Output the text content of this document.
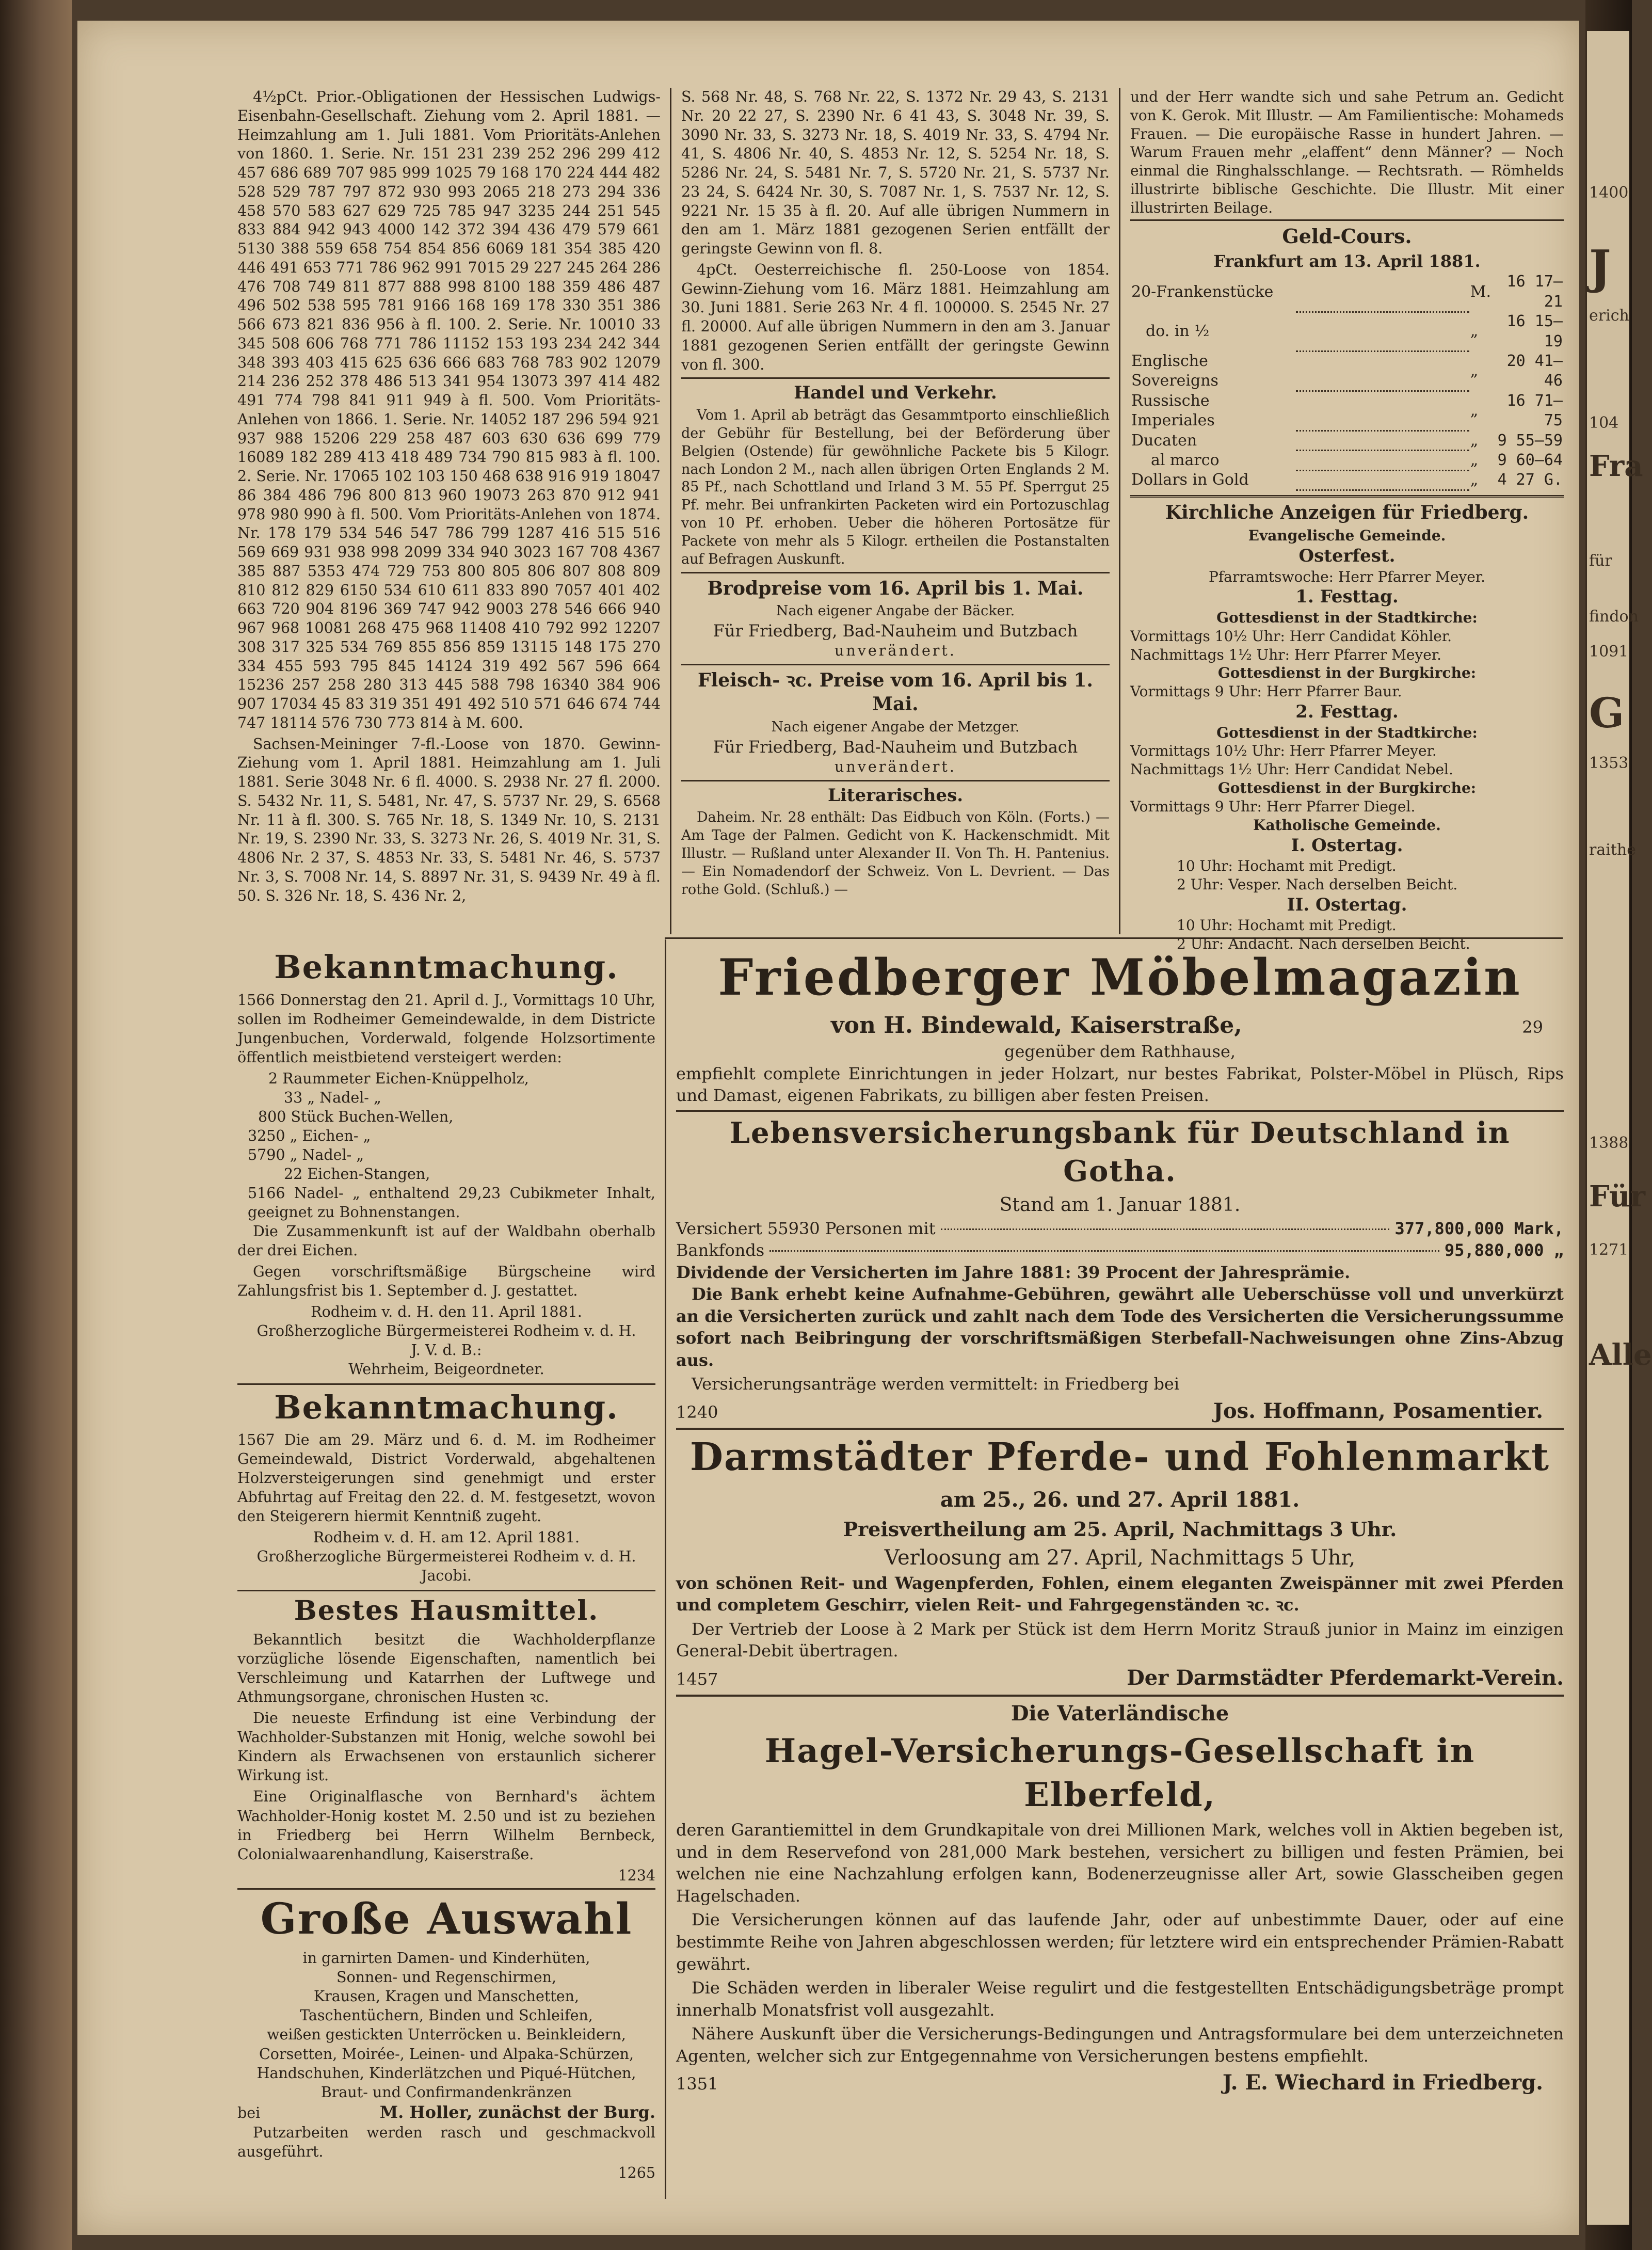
1400
J
erich
104
Fra
für
findon
1091
G
1353
raithe
1388
Für
1271
Alle

4½pCt. Prior.-Obligationen der Hessischen Ludwigs-Eisenbahn-Gesellschaft. Ziehung vom 2. April 1881. — Heimzahlung am 1. Juli 1881. Vom Prioritäts-Anlehen von 1860. 1. Serie. Nr. 151 231 239 252 296 299 412 457 686 689 707 985 999 1025 79 168 170 224 444 482 528 529 787 797 872 930 993 2065 218 273 294 336 458 570 583 627 629 725 785 947 3235 244 251 545 833 884 942 943 4000 142 372 394 436 479 579 661 5130 388 559 658 754 854 856 6069 181 354 385 420 446 491 653 771 786 962 991 7015 29 227 245 264 286 476 708 749 811 877 888 998 8100 188 359 486 487 496 502 538 595 781 9166 168 169 178 330 351 386 566 673 821 836 956 à fl. 100. 2. Serie. Nr. 10010 33 345 508 606 768 771 786 11152 153 193 234 242 344 348 393 403 415 625 636 666 683 768 783 902 12079 214 236 252 378 486 513 341 954 13073 397 414 482 491 774 798 841 911 949 à fl. 500. Vom Prioritäts-Anlehen von 1866. 1. Serie. Nr. 14052 187 296 594 921 937 988 15206 229 258 487 603 630 636 699 779 16089 182 289 413 418 489 734 790 815 983 à fl. 100. 2. Serie. Nr. 17065 102 103 150 468 638 916 919 18047 86 384 486 796 800 813 960 19073 263 870 912 941 978 980 990 à fl. 500. Vom Prioritäts-Anlehen von 1874. Nr. 178 179 534 546 547 786 799 1287 416 515 516 569 669 931 938 998 2099 334 940 3023 167 708 4367 385 887 5353 474 729 753 800 805 806 807 808 809 810 812 829 6150 534 610 611 833 890 7057 401 402 663 720 904 8196 369 747 942 9003 278 546 666 940 967 968 10081 268 475 968 11408 410 792 992 12207 308 317 325 534 769 855 856 859 13115 148 175 270 334 455 593 795 845 14124 319 492 567 596 664 15236 257 258 280 313 445 588 798 16340 384 906 907 17034 45 83 319 351 491 492 510 571 646 674 744 747 18114 576 730 773 814 à M. 600.

Sachsen-Meininger 7-fl.-Loose von 1870. Gewinn-Ziehung vom 1. April 1881. Heimzahlung am 1. Juli 1881. Serie 3048 Nr. 6 fl. 4000. S. 2938 Nr. 27 fl. 2000. S. 5432 Nr. 11, S. 5481, Nr. 47, S. 5737 Nr. 29, S. 6568 Nr. 11 à fl. 300. S. 765 Nr. 18, S. 1349 Nr. 10, S. 2131 Nr. 19, S. 2390 Nr. 33, S. 3273 Nr. 26, S. 4019 Nr. 31, S. 4806 Nr. 2 37, S. 4853 Nr. 33, S. 5481 Nr. 46, S. 5737 Nr. 3, S. 7008 Nr. 14, S. 8897 Nr. 31, S. 9439 Nr. 49 à fl. 50. S. 326 Nr. 18, S. 436 Nr. 2,

S. 568 Nr. 48, S. 768 Nr. 22, S. 1372 Nr. 29 43, S. 2131 Nr. 20 22 27, S. 2390 Nr. 6 41 43, S. 3048 Nr. 39, S. 3090 Nr. 33, S. 3273 Nr. 18, S. 4019 Nr. 33, S. 4794 Nr. 41, S. 4806 Nr. 40, S. 4853 Nr. 12, S. 5254 Nr. 18, S. 5286 Nr. 24, S. 5481 Nr. 7, S. 5720 Nr. 21, S. 5737 Nr. 23 24, S. 6424 Nr. 30, S. 7087 Nr. 1, S. 7537 Nr. 12, S. 9221 Nr. 15 35 à fl. 20. Auf alle übrigen Nummern in den am 1. März 1881 gezogenen Serien entfällt der geringste Gewinn von fl. 8.

4pCt. Oesterreichische fl. 250-Loose von 1854. Gewinn-Ziehung vom 16. März 1881. Heimzahlung am 30. Juni 1881. Serie 263 Nr. 4 fl. 100000. S. 2545 Nr. 27 fl. 20000. Auf alle übrigen Nummern in den am 3. Januar 1881 gezogenen Serien entfällt der geringste Gewinn von fl. 300.

Handel und Verkehr.

Vom 1. April ab beträgt das Gesammtporto einschließlich der Gebühr für Bestellung, bei der Beförderung über Belgien (Ostende) für gewöhnliche Packete bis 5 Kilogr. nach London 2 M., nach allen übrigen Orten Englands 2 M. 85 Pf., nach Schottland und Irland 3 M. 55 Pf. Sperrgut 25 Pf. mehr. Bei unfrankirten Packeten wird ein Portozuschlag von 10 Pf. erhoben. Ueber die höheren Portosätze für Packete von mehr als 5 Kilogr. ertheilen die Postanstalten auf Befragen Auskunft.

Brodpreise vom 16. April bis 1. Mai.
Nach eigener Angabe der Bäcker.
Für Friedberg, Bad-Nauheim und Butzbach
unverändert.
Fleisch- ꝛc. Preise vom 16. April bis 1. Mai.
Nach eigener Angabe der Metzger.
Für Friedberg, Bad-Nauheim und Butzbach
unverändert.
Literarisches.

Daheim. Nr. 28 enthält: Das Eidbuch von Köln. (Forts.) — Am Tage der Palmen. Gedicht von K. Hackenschmidt. Mit Illustr. — Rußland unter Alexander II. Von Th. H. Pantenius. — Ein Nomadendorf der Schweiz. Von L. Devrient. — Das rothe Gold. (Schluß.) —

und der Herr wandte sich und sahe Petrum an. Gedicht von K. Gerok. Mit Illustr. — Am Familientische: Mohameds Frauen. — Die europäische Rasse in hundert Jahren. — Warum Frauen mehr „elaffent“ denn Männer? — Noch einmal die Ringhalsschlange. — Rechtsrath. — Römhelds illustrirte biblische Geschichte. Die Illustr. Mit einer illustrirten Beilage.

Geld-Cours.
Frankfurt am 13. April 1881.
20-Frankenstücke		M.	16 17–21
do. in ½		„	16 15–19
Englische Sovereigns		„	20 41–46
Russische Imperiales		„	16 71–75
Ducaten		„	9 55–59
al marco		„	9 60–64
Dollars in Gold		„	4 27 G.
Kirchliche Anzeigen für Friedberg.
Evangelische Gemeinde.
Osterfest.
Pfarramtswoche: Herr Pfarrer Meyer.
1. Festtag.
Gottesdienst in der Stadtkirche:
Vormittags 10½ Uhr: Herr Candidat Köhler.
Nachmittags 1½ Uhr: Herr Pfarrer Meyer.
Gottesdienst in der Burgkirche:
Vormittags 9 Uhr: Herr Pfarrer Baur.
2. Festtag.
Gottesdienst in der Stadtkirche:
Vormittags 10½ Uhr: Herr Pfarrer Meyer.
Nachmittags 1½ Uhr: Herr Candidat Nebel.
Gottesdienst in der Burgkirche:
Vormittags 9 Uhr: Herr Pfarrer Diegel.
Katholische Gemeinde.
I. Ostertag.
10 Uhr: Hochamt mit Predigt.
2 Uhr: Vesper. Nach derselben Beicht.
II. Ostertag.
10 Uhr: Hochamt mit Predigt.
2 Uhr: Andacht. Nach derselben Beicht.
Bekanntmachung.

1566 Donnerstag den 21. April d. J., Vormittags 10 Uhr, sollen im Rodheimer Gemeindewalde, in dem Districte Jungenbuchen, Vorderwald, folgende Holzsortimente öffentlich meistbietend versteigert werden:

2 Raummeter Eichen-Knüppelholz,
33 „ Nadel- „
800 Stück Buchen-Wellen,
3250 „ Eichen- „
5790 „ Nadel- „
22 Eichen-Stangen,
5166 Nadel- „ enthaltend 29,23 Cubikmeter Inhalt, geeignet zu Bohnenstangen.

Die Zusammenkunft ist auf der Waldbahn oberhalb der drei Eichen.

Gegen vorschriftsmäßige Bürgscheine wird Zahlungsfrist bis 1. September d. J. gestattet.

Rodheim v. d. H. den 11. April 1881.
Großherzogliche Bürgermeisterei Rodheim v. d. H.
J. V. d. B.:
Wehrheim, Beigeordneter.
Bekanntmachung.

1567 Die am 29. März und 6. d. M. im Rodheimer Gemeindewald, District Vorderwald, abgehaltenen Holzversteigerungen sind genehmigt und erster Abfuhrtag auf Freitag den 22. d. M. festgesetzt, wovon den Steigerern hiermit Kenntniß zugeht.

Rodheim v. d. H. am 12. April 1881.
Großherzogliche Bürgermeisterei Rodheim v. d. H.
Jacobi.
Bestes Hausmittel.

Bekanntlich besitzt die Wachholderpflanze vorzügliche lösende Eigenschaften, namentlich bei Verschleimung und Katarrhen der Luftwege und Athmungsorgane, chronischen Husten ꝛc.

Die neueste Erfindung ist eine Verbindung der Wachholder-Substanzen mit Honig, welche sowohl bei Kindern als Erwachsenen von erstaunlich sicherer Wirkung ist.

Eine Originalflasche von Bernhard's ächtem Wachholder-Honig kostet M. 2.50 und ist zu beziehen in Friedberg bei Herrn Wilhelm Bernbeck, Colonialwaarenhandlung, Kaiserstraße.

1234
Große Auswahl
in garnirten Damen- und Kinderhüten,
Sonnen- und Regenschirmen,
Krausen, Kragen und Manschetten,
Taschentüchern, Binden und Schleifen,
weißen gestickten Unterröcken u. Beinkleidern,
Corsetten, Moirée-, Leinen- und Alpaka-Schürzen,
Handschuhen, Kinderlätzchen und Piqué-Hütchen,
Braut- und Confirmandenkränzen
bei	M. Holler, zunächst der Burg.

Putzarbeiten werden rasch und geschmackvoll ausgeführt.

1265
Friedberger Möbelmagazin
von H. Bindewald, Kaiserstraße,	29
gegenüber dem Rathhause,

empfiehlt complete Einrichtungen in jeder Holzart, nur bestes Fabrikat, Polster-Möbel in Plüsch, Rips und Damast, eigenen Fabrikats, zu billigen aber festen Preisen.

Lebensversicherungsbank für Deutschland in Gotha.
Stand am 1. Januar 1881.
Versichert 55930 Personen mit	377,800,000 Mark,
Bankfonds	95,880,000 „
Dividende der Versicherten im Jahre 1881: 39 Procent der Jahresprämie.

Die Bank erhebt keine Aufnahme-Gebühren, gewährt alle Ueberschüsse voll und unverkürzt an die Versicherten zurück und zahlt nach dem Tode des Versicherten die Versicherungssumme sofort nach Beibringung der vorschriftsmäßigen Sterbefall-Nachweisungen ohne Zins-Abzug aus.

Versicherungsanträge werden vermittelt: in Friedberg bei

1240	Jos. Hoffmann, Posamentier.
Darmstädter Pferde- und Fohlenmarkt
am 25., 26. und 27. April 1881.
Preisvertheilung am 25. April, Nachmittags 3 Uhr.
Verloosung am 27. April, Nachmittags 5 Uhr,

von schönen Reit- und Wagenpferden, Fohlen, einem eleganten Zweispänner mit zwei Pferden und completem Geschirr, vielen Reit- und Fahrgegenständen ꝛc. ꝛc.

Der Vertrieb der Loose à 2 Mark per Stück ist dem Herrn Moritz Strauß junior in Mainz im einzigen General-Debit übertragen.

1457	Der Darmstädter Pferdemarkt-Verein.
Die Vaterländische
Hagel-Versicherungs-Gesellschaft in Elberfeld,

deren Garantiemittel in dem Grundkapitale von drei Millionen Mark, welches voll in Aktien begeben ist, und in dem Reservefond von 281,000 Mark bestehen, versichert zu billigen und festen Prämien, bei welchen nie eine Nachzahlung erfolgen kann, Bodenerzeugnisse aller Art, sowie Glasscheiben gegen Hagelschaden.

Die Versicherungen können auf das laufende Jahr, oder auf unbestimmte Dauer, oder auf eine bestimmte Reihe von Jahren abgeschlossen werden; für letztere wird ein entsprechender Prämien-Rabatt gewährt.

Die Schäden werden in liberaler Weise regulirt und die festgestellten Entschädigungsbeträge prompt innerhalb Monatsfrist voll ausgezahlt.

Nähere Auskunft über die Versicherungs-Bedingungen und Antragsformulare bei dem unterzeichneten Agenten, welcher sich zur Entgegennahme von Versicherungen bestens empfiehlt.

1351	J. E. Wiechard in Friedberg.
